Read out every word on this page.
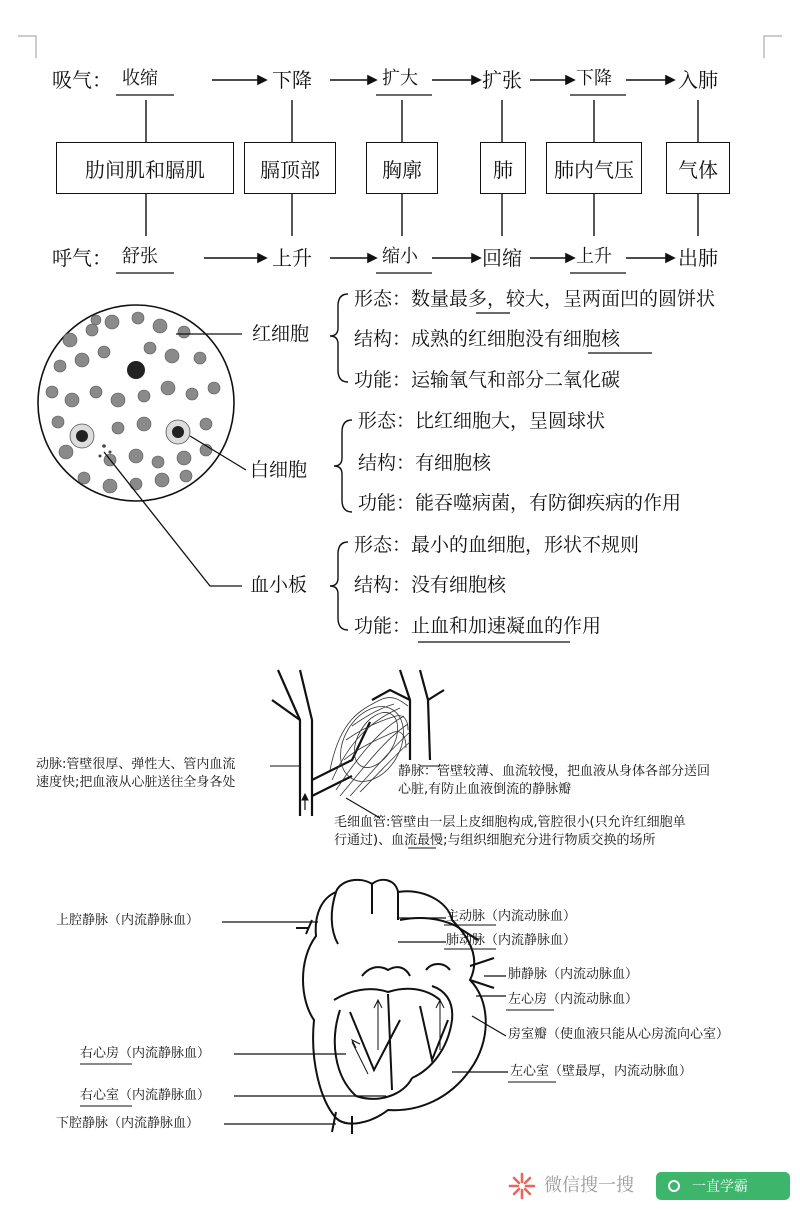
吸气： 收缩	下降	扩大	扩张	下降	入肺
肋间肌和膈肌	膈顶部	胸廓	肺	肺内气压	气体
呼气： 舒张	上升	缩小	回缩	上升	出肺
红细胞
形态：数量最多，较大，呈两面凹的圆饼状
结构：成熟的红细胞没有细胞核
功能：运输氧气和部分二氧化碳
白细胞
形态：比红细胞大，呈圆球状
结构：有细胞核
功能：能吞噬病菌，有防御疾病的作用
血小板
形态：最小的血细胞，形状不规则
结构：没有细胞核
功能：止血和加速凝血的作用
动脉:管壁很厚、弹性大、管内血流
速度快;把血液从心脏送往全身各处
静脉：管壁较薄、血流较慢，把血液从身体各部分送回
心脏,有防止血液倒流的静脉瓣
毛细血管:管壁由一层上皮细胞构成,管腔很小(只允许红细胞单
行通过)、血流最慢;与组织细胞充分进行物质交换的场所
上腔静脉（内流静脉血）	主动脉（内流动脉血）
肺动脉（内流静脉血）
肺静脉（内流动脉血）
左心房（内流动脉血）
房室瓣（使血液只能从心房流向心室）
左心室（壁最厚，内流动脉血）
右心房（内流静脉血）
右心室（内流静脉血）
下腔静脉（内流静脉血）
微信搜一搜	一直学霸
